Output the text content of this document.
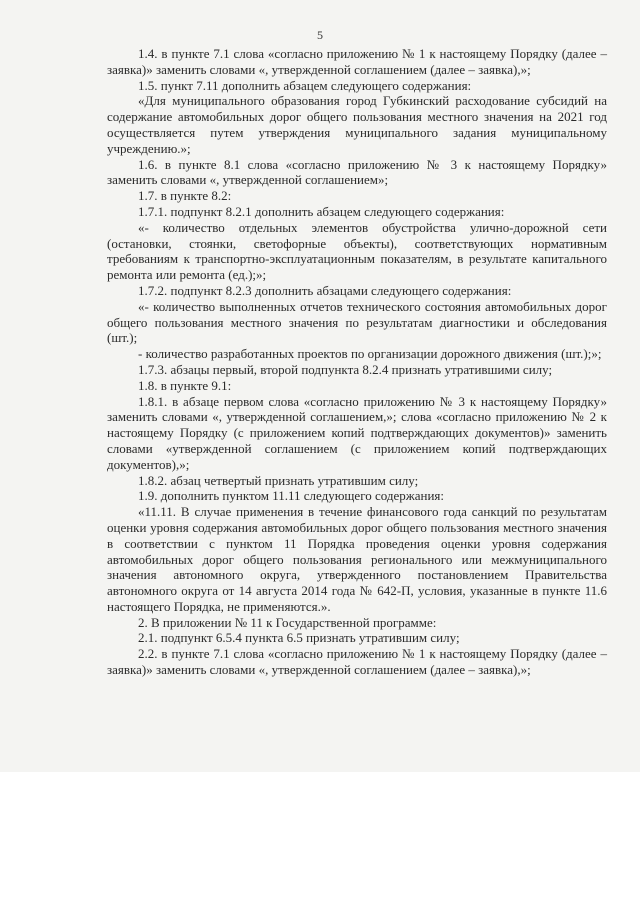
5

1.4. в пункте 7.1 слова «согласно приложению № 1 к настоящему Порядку (далее – заявка)» заменить словами «, утвержденной соглашением (далее – заявка),»;

1.5. пункт 7.11 дополнить абзацем следующего содержания:

«Для муниципального образования город Губкинский расходование субсидий на содержание автомобильных дорог общего пользования местного значения на 2021 год осуществляется путем утверждения муниципального задания муниципальному учреждению.»;

1.6. в пункте 8.1 слова «согласно приложению № 3 к настоящему Порядку» заменить словами «, утвержденной соглашением»;

1.7. в пункте 8.2:

1.7.1. подпункт 8.2.1 дополнить абзацем следующего содержания:

«- количество отдельных элементов обустройства улично-дорожной сети (остановки, стоянки, светофорные объекты), соответствующих нормативным требованиям к транспортно-эксплуатационным показателям, в результате капитального ремонта или ремонта (ед.);»;

1.7.2. подпункт 8.2.3 дополнить абзацами следующего содержания:

«- количество выполненных отчетов технического состояния автомобильных дорог общего пользования местного значения по результатам диагностики и обследования (шт.);

- количество разработанных проектов по организации дорожного движения (шт.);»;

1.7.3. абзацы первый, второй подпункта 8.2.4 признать утратившими силу;

1.8. в пункте 9.1:

1.8.1. в абзаце первом слова «согласно приложению № 3 к настоящему Порядку» заменить словами «, утвержденной соглашением,»; слова «согласно приложению № 2 к настоящему Порядку (с приложением копий подтверждающих документов)» заменить словами «утвержденной соглашением (с приложением копий подтверждающих документов),»;

1.8.2. абзац четвертый признать утратившим силу;

1.9. дополнить пунктом 11.11 следующего содержания:

«11.11. В случае применения в течение финансового года санкций по результатам оценки уровня содержания автомобильных дорог общего пользования местного значения в соответствии с пунктом 11 Порядка проведения оценки уровня содержания автомобильных дорог общего пользования регионального или межмуниципального значения автономного округа, утвержденного постановлением Правительства автономного округа от 14 августа 2014 года № 642-П, условия, указанные в пункте 11.6 настоящего Порядка, не применяются.».

2. В приложении № 11 к Государственной программе:

2.1. подпункт 6.5.4 пункта 6.5 признать утратившим силу;

2.2. в пункте 7.1 слова «согласно приложению № 1 к настоящему Порядку (далее – заявка)» заменить словами «, утвержденной соглашением (далее – заявка),»;
